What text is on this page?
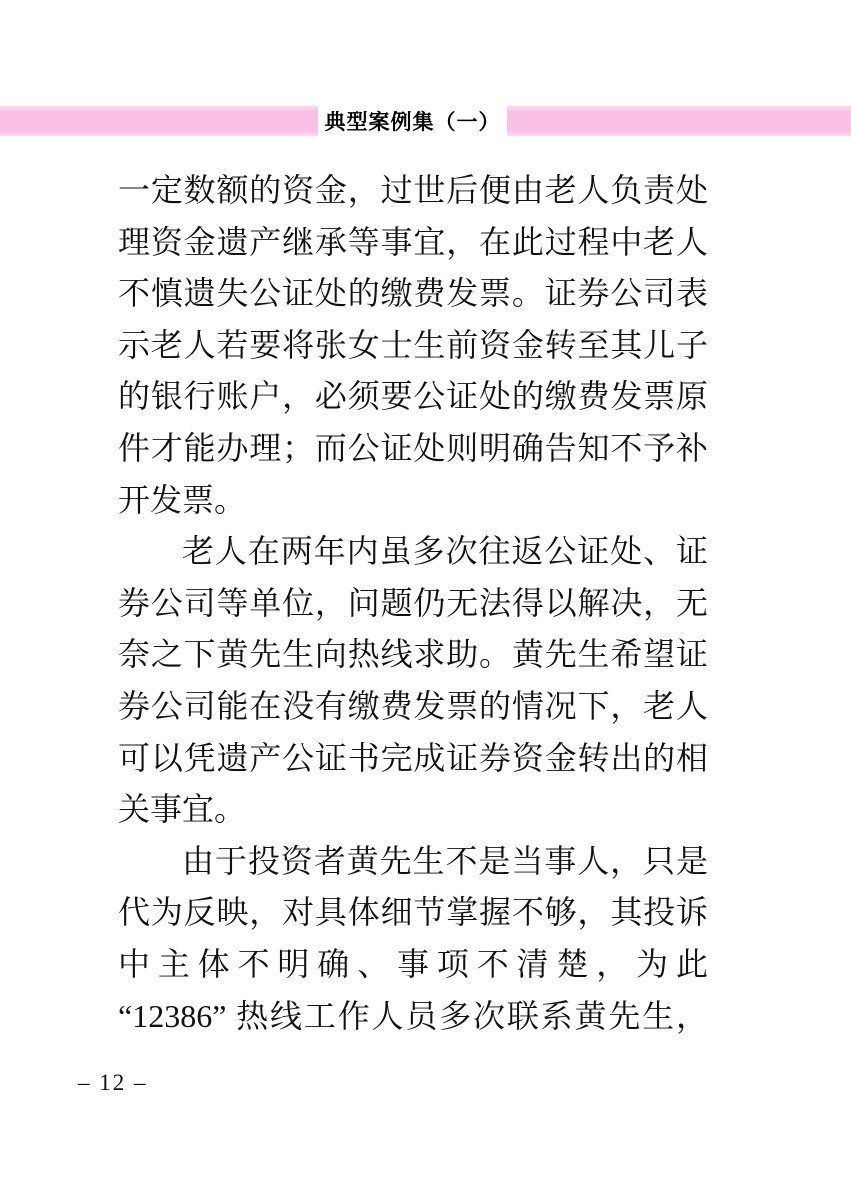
典型案例集（一）
一定数额的资金，过世后便由老人负责处
理资金遗产继承等事宜，在此过程中老人
不慎遗失公证处的缴费发票。证券公司表
示老人若要将张女士生前资金转至其儿子
的银行账户，必须要公证处的缴费发票原
件才能办理；而公证处则明确告知不予补
开发票。
老人在两年内虽多次往返公证处、证
券公司等单位，问题仍无法得以解决，无
奈之下黄先生向热线求助。黄先生希望证
券公司能在没有缴费发票的情况下，老人
可以凭遗产公证书完成证券资金转出的相
关事宜。
由于投资者黄先生不是当事人，只是
代为反映，对具体细节掌握不够，其投诉
中主体不明确、事项不清楚，为此
“12386” 热线工作人员多次联系黄先生，
– 12 –
